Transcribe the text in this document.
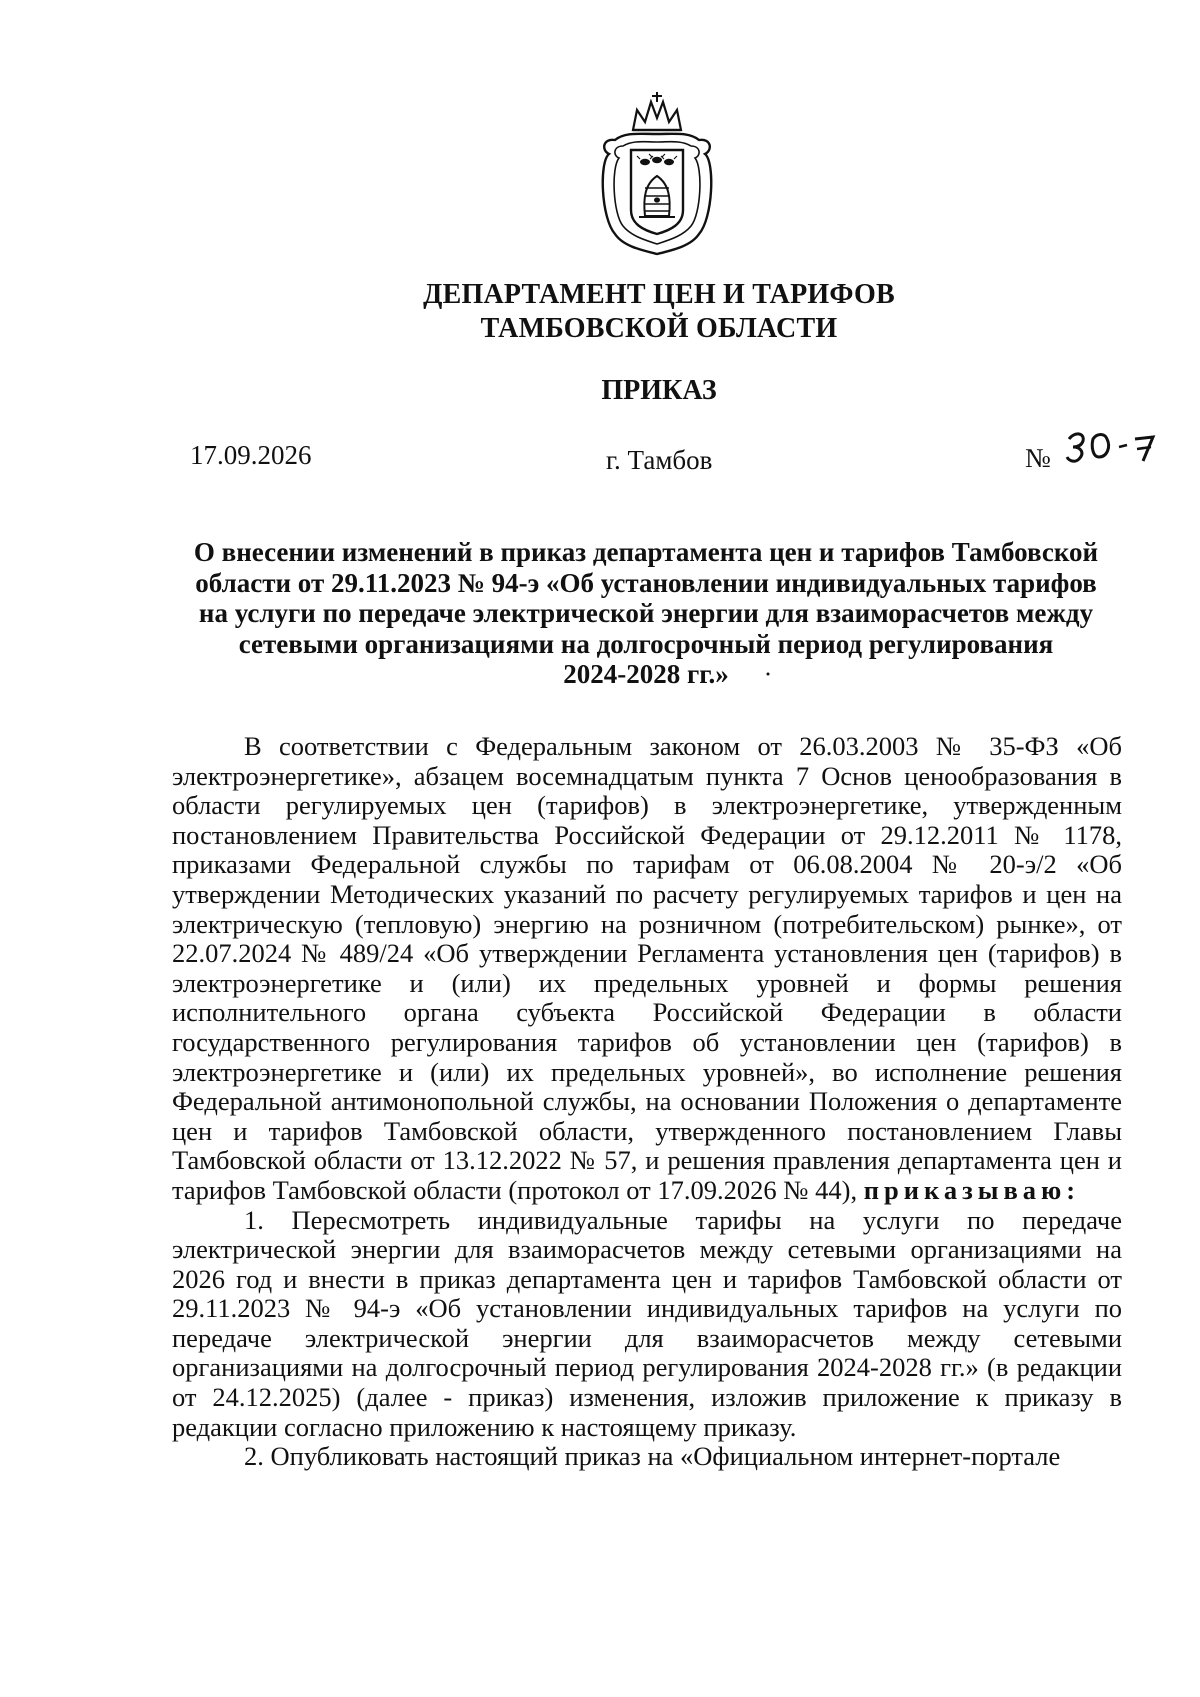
ДЕПАРТАМЕНТ ЦЕН И ТАРИФОВ
ТАМБОВСКОЙ ОБЛАСТИ
ПРИКАЗ
17.09.2026	г. Тамбов	№
О внесении изменений в приказ департамента цен и тарифов Тамбовской
области от 29.11.2023 № 94-э «Об установлении индивидуальных тарифов
на услуги по передаче электрической энергии для взаиморасчетов между
сетевыми организациями на долгосрочный период регулирования
2024-2028 гг.»

В соответствии с Федеральным законом от 26.03.2003 № 35-ФЗ «Об электроэнергетике», абзацем восемнадцатым пункта 7 Основ ценообразования в области регулируемых цен (тарифов) в электроэнергетике, утвержденным постановлением Правительства Российской Федерации от 29.12.2011 № 1178, приказами Федеральной службы по тарифам от 06.08.2004 № 20-э/2 «Об утверждении Методических указаний по расчету регулируемых тарифов и цен на электрическую (тепловую) энергию на розничном (потребительском) рынке», от 22.07.2024 № 489/24 «Об утверждении Регламента установления цен (тарифов) в электроэнергетике и (или) их предельных уровней и формы решения исполнительного органа субъекта Российской Федерации в области государственного регулирования тарифов об установлении цен (тарифов) в электроэнергетике и (или) их предельных уровней», во исполнение решения Федеральной антимонопольной службы, на основании Положения о департаменте цен и тарифов Тамбовской области, утвержденного постановлением Главы Тамбовской области от 13.12.2022 № 57, и решения правления департамента цен и тарифов Тамбовской области (протокол от 17.09.2026 № 44), приказываю:

1. Пересмотреть индивидуальные тарифы на услуги по передаче электрической энергии для взаиморасчетов между сетевыми организациями на 2026 год и внести в приказ департамента цен и тарифов Тамбовской области от 29.11.2023 № 94-э «Об установлении индивидуальных тарифов на услуги по передаче электрической энергии для взаиморасчетов между сетевыми организациями на долгосрочный период регулирования 2024-2028 гг.» (в редакции от 24.12.2025) (далее - приказ) изменения, изложив приложение к приказу в редакции согласно приложению к настоящему приказу.

2. Опубликовать настоящий приказ на «Официальном интернет-портале
